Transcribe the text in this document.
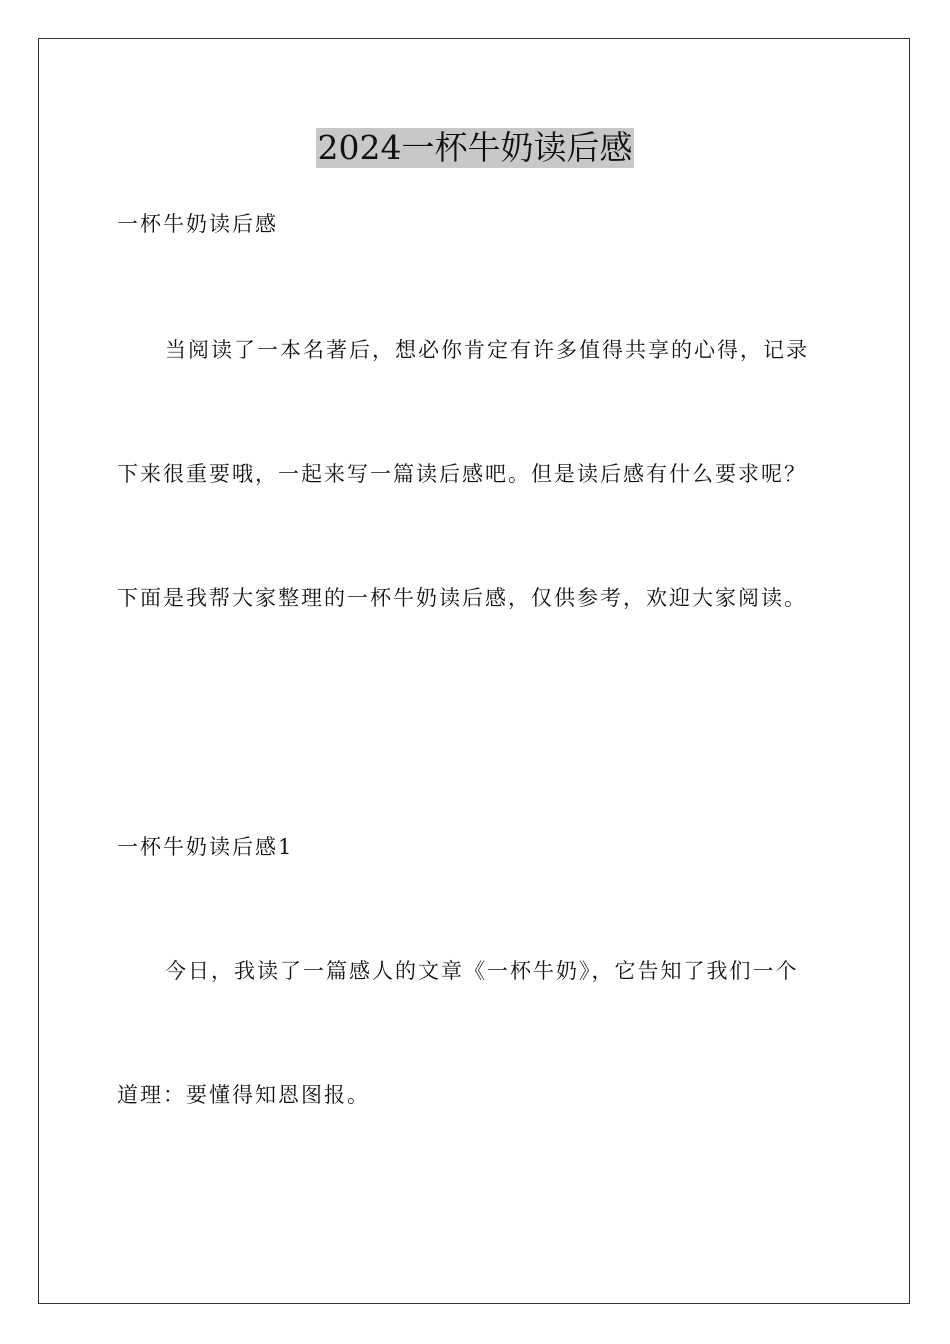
2024一杯牛奶读后感
一杯牛奶读后感
当阅读了一本名著后，想必你肯定有许多值得共享的心得，记录
下来很重要哦，一起来写一篇读后感吧。但是读后感有什么要求呢？
下面是我帮大家整理的一杯牛奶读后感，仅供参考，欢迎大家阅读。
一杯牛奶读后感1
今日，我读了一篇感人的文章《一杯牛奶》，它告知了我们一个
道理：要懂得知恩图报。
